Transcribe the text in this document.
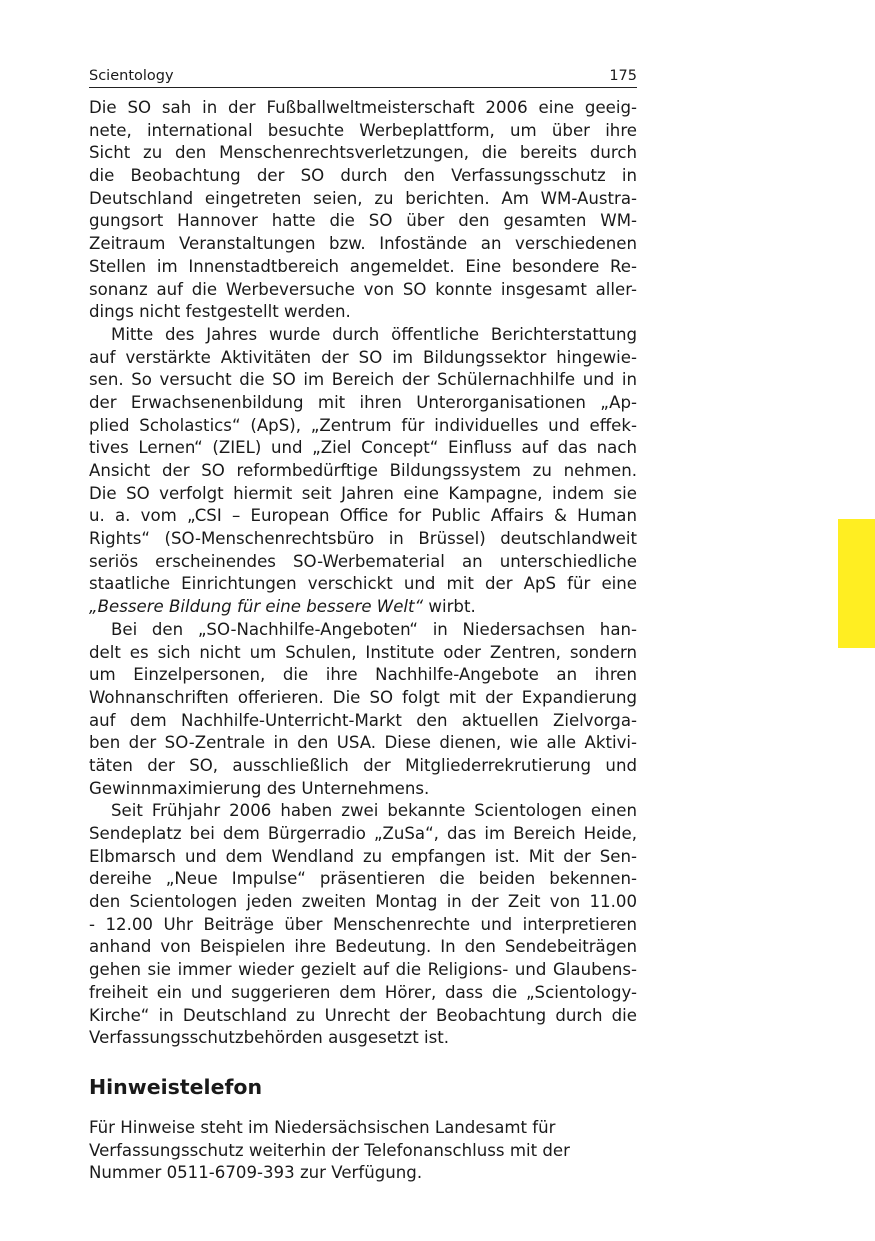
Scientology	175
Die SO sah in der Fußballweltmeisterschaft 2006 eine geeig-
nete, international besuchte Werbeplattform, um über ihre
Sicht zu den Menschenrechtsverletzungen, die bereits durch
die Beobachtung der SO durch den Verfassungsschutz in
Deutschland eingetreten seien, zu berichten. Am WM-Austra-
gungsort Hannover hatte die SO über den gesamten WM-
Zeitraum Veranstaltungen bzw. Infostände an verschiedenen
Stellen im Innenstadtbereich angemeldet. Eine besondere Re-
sonanz auf die Werbeversuche von SO konnte insgesamt aller-
dings nicht festgestellt werden.
Mitte des Jahres wurde durch öffentliche Berichterstattung
auf verstärkte Aktivitäten der SO im Bildungssektor hingewie-
sen. So versucht die SO im Bereich der Schülernachhilfe und in
der Erwachsenenbildung mit ihren Unterorganisationen „Ap-
plied Scholastics“ (ApS), „Zentrum für individuelles und effek-
tives Lernen“ (ZIEL) und „Ziel Concept“ Einfluss auf das nach
Ansicht der SO reformbedürftige Bildungssystem zu nehmen.
Die SO verfolgt hiermit seit Jahren eine Kampagne, indem sie
u. a. vom „CSI – European Office for Public Affairs & Human
Rights“ (SO-Menschenrechtsbüro in Brüssel) deutschlandweit
seriös erscheinendes SO-Werbematerial an unterschiedliche
staatliche Einrichtungen verschickt und mit der ApS für eine
„Bessere Bildung für eine bessere Welt“ wirbt.
Bei den „SO-Nachhilfe-Angeboten“ in Niedersachsen han-
delt es sich nicht um Schulen, Institute oder Zentren, sondern
um Einzelpersonen, die ihre Nachhilfe-Angebote an ihren
Wohnanschriften offerieren. Die SO folgt mit der Expandierung
auf dem Nachhilfe-Unterricht-Markt den aktuellen Zielvorga-
ben der SO-Zentrale in den USA. Diese dienen, wie alle Aktivi-
täten der SO, ausschließlich der Mitgliederrekrutierung und
Gewinnmaximierung des Unternehmens.
Seit Frühjahr 2006 haben zwei bekannte Scientologen einen
Sendeplatz bei dem Bürgerradio „ZuSa“, das im Bereich Heide,
Elbmarsch und dem Wendland zu empfangen ist. Mit der Sen-
dereihe „Neue Impulse“ präsentieren die beiden bekennen-
den Scientologen jeden zweiten Montag in der Zeit von 11.00
- 12.00 Uhr Beiträge über Menschenrechte und interpretieren
anhand von Beispielen ihre Bedeutung. In den Sendebeiträgen
gehen sie immer wieder gezielt auf die Religions- und Glaubens-
freiheit ein und suggerieren dem Hörer, dass die „Scientology-
Kirche“ in Deutschland zu Unrecht der Beobachtung durch die
Verfassungsschutzbehörden ausgesetzt ist.
Hinweistelefon
Für Hinweise steht im Niedersächsischen Landesamt für
Verfassungsschutz weiterhin der Telefonanschluss mit der
Nummer 0511-6709-393 zur Verfügung.
